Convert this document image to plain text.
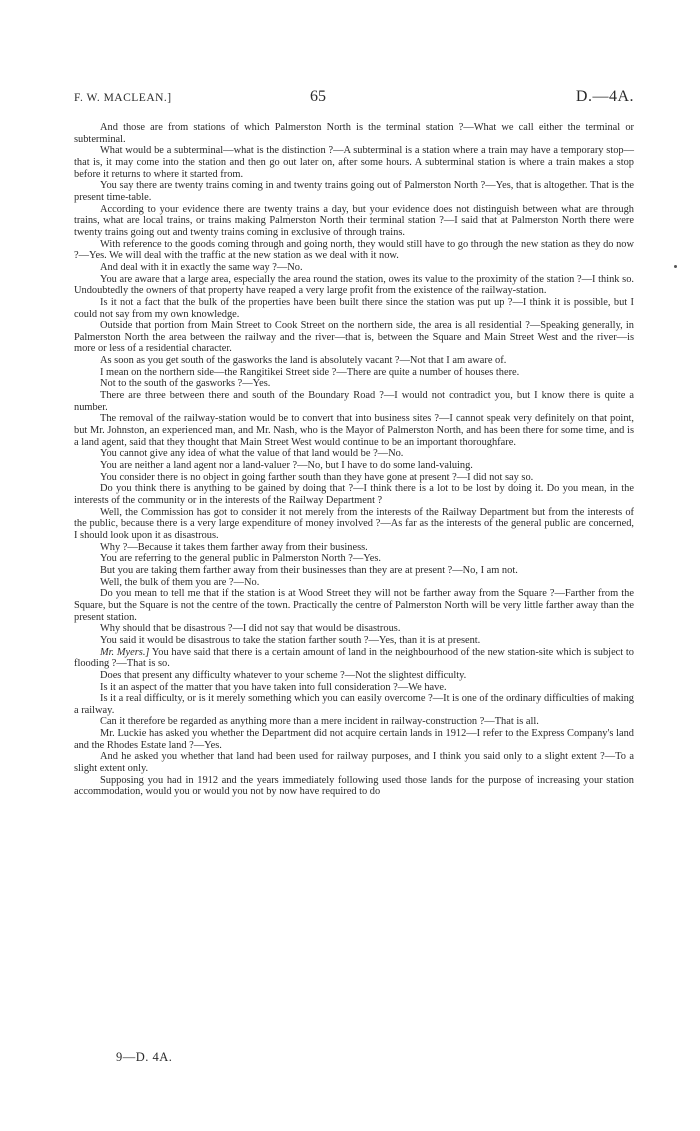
F. W. MACLEAN.]	65	D.—4A.

And those are from stations of which Palmerston North is the terminal station ?—What we call either the terminal or subterminal.

What would be a subterminal—what is the distinction ?—A subterminal is a station where a train may have a temporary stop—that is, it may come into the station and then go out later on, after some hours. A subterminal station is where a train makes a stop before it returns to where it started from.

You say there are twenty trains coming in and twenty trains going out of Palmerston North ?—Yes, that is altogether. That is the present time-table.

According to your evidence there are twenty trains a day, but your evidence does not distinguish between what are through trains, what are local trains, or trains making Palmerston North their terminal station ?—I said that at Palmerston North there were twenty trains going out and twenty trains coming in exclusive of through trains.

With reference to the goods coming through and going north, they would still have to go through the new station as they do now ?—Yes. We will deal with the traffic at the new station as we deal with it now.

And deal with it in exactly the same way ?—No.

You are aware that a large area, especially the area round the station, owes its value to the proximity of the station ?—I think so. Undoubtedly the owners of that property have reaped a very large profit from the existence of the railway-station.

Is it not a fact that the bulk of the properties have been built there since the station was put up ?—I think it is possible, but I could not say from my own knowledge.

Outside that portion from Main Street to Cook Street on the northern side, the area is all residential ?—Speaking generally, in Palmerston North the area between the railway and the river—that is, between the Square and Main Street West and the river—is more or less of a residential character.

As soon as you get south of the gasworks the land is absolutely vacant ?—Not that I am aware of.

I mean on the northern side—the Rangitikei Street side ?—There are quite a number of houses there.

Not to the south of the gasworks ?—Yes.

There are three between there and south of the Boundary Road ?—I would not contradict you, but I know there is quite a number.

The removal of the railway-station would be to convert that into business sites ?—I cannot speak very definitely on that point, but Mr. Johnston, an experienced man, and Mr. Nash, who is the Mayor of Palmerston North, and has been there for some time, and is a land agent, said that they thought that Main Street West would continue to be an important thoroughfare.

You cannot give any idea of what the value of that land would be ?—No.

You are neither a land agent nor a land-valuer ?—No, but I have to do some land-valuing.

You consider there is no object in going farther south than they have gone at present ?—I did not say so.

Do you think there is anything to be gained by doing that ?—I think there is a lot to be lost by doing it. Do you mean, in the interests of the community or in the interests of the Railway Department ?

Well, the Commission has got to consider it not merely from the interests of the Railway Department but from the interests of the public, because there is a very large expenditure of money involved ?—As far as the interests of the general public are concerned, I should look upon it as disastrous.

Why ?—Because it takes them farther away from their business.

You are referring to the general public in Palmerston North ?—Yes.

But you are taking them farther away from their businesses than they are at present ?—No, I am not.

Well, the bulk of them you are ?—No.

Do you mean to tell me that if the station is at Wood Street they will not be farther away from the Square ?—Farther from the Square, but the Square is not the centre of the town. Practically the centre of Palmerston North will be very little farther away than the present station.

Why should that be disastrous ?—I did not say that would be disastrous.

You said it would be disastrous to take the station farther south ?—Yes, than it is at present.

Mr. Myers.] You have said that there is a certain amount of land in the neighbourhood of the new station-site which is subject to flooding ?—That is so.

Does that present any difficulty whatever to your scheme ?—Not the slightest difficulty.

Is it an aspect of the matter that you have taken into full consideration ?—We have.

Is it a real difficulty, or is it merely something which you can easily overcome ?—It is one of the ordinary difficulties of making a railway.

Can it therefore be regarded as anything more than a mere incident in railway-construction ?—That is all.

Mr. Luckie has asked you whether the Department did not acquire certain lands in 1912—I refer to the Express Company's land and the Rhodes Estate land ?—Yes.

And he asked you whether that land had been used for railway purposes, and I think you said only to a slight extent ?—To a slight extent only.

Supposing you had in 1912 and the years immediately following used those lands for the purpose of increasing your station accommodation, would you or would you not by now have required to do

9—D. 4A.
